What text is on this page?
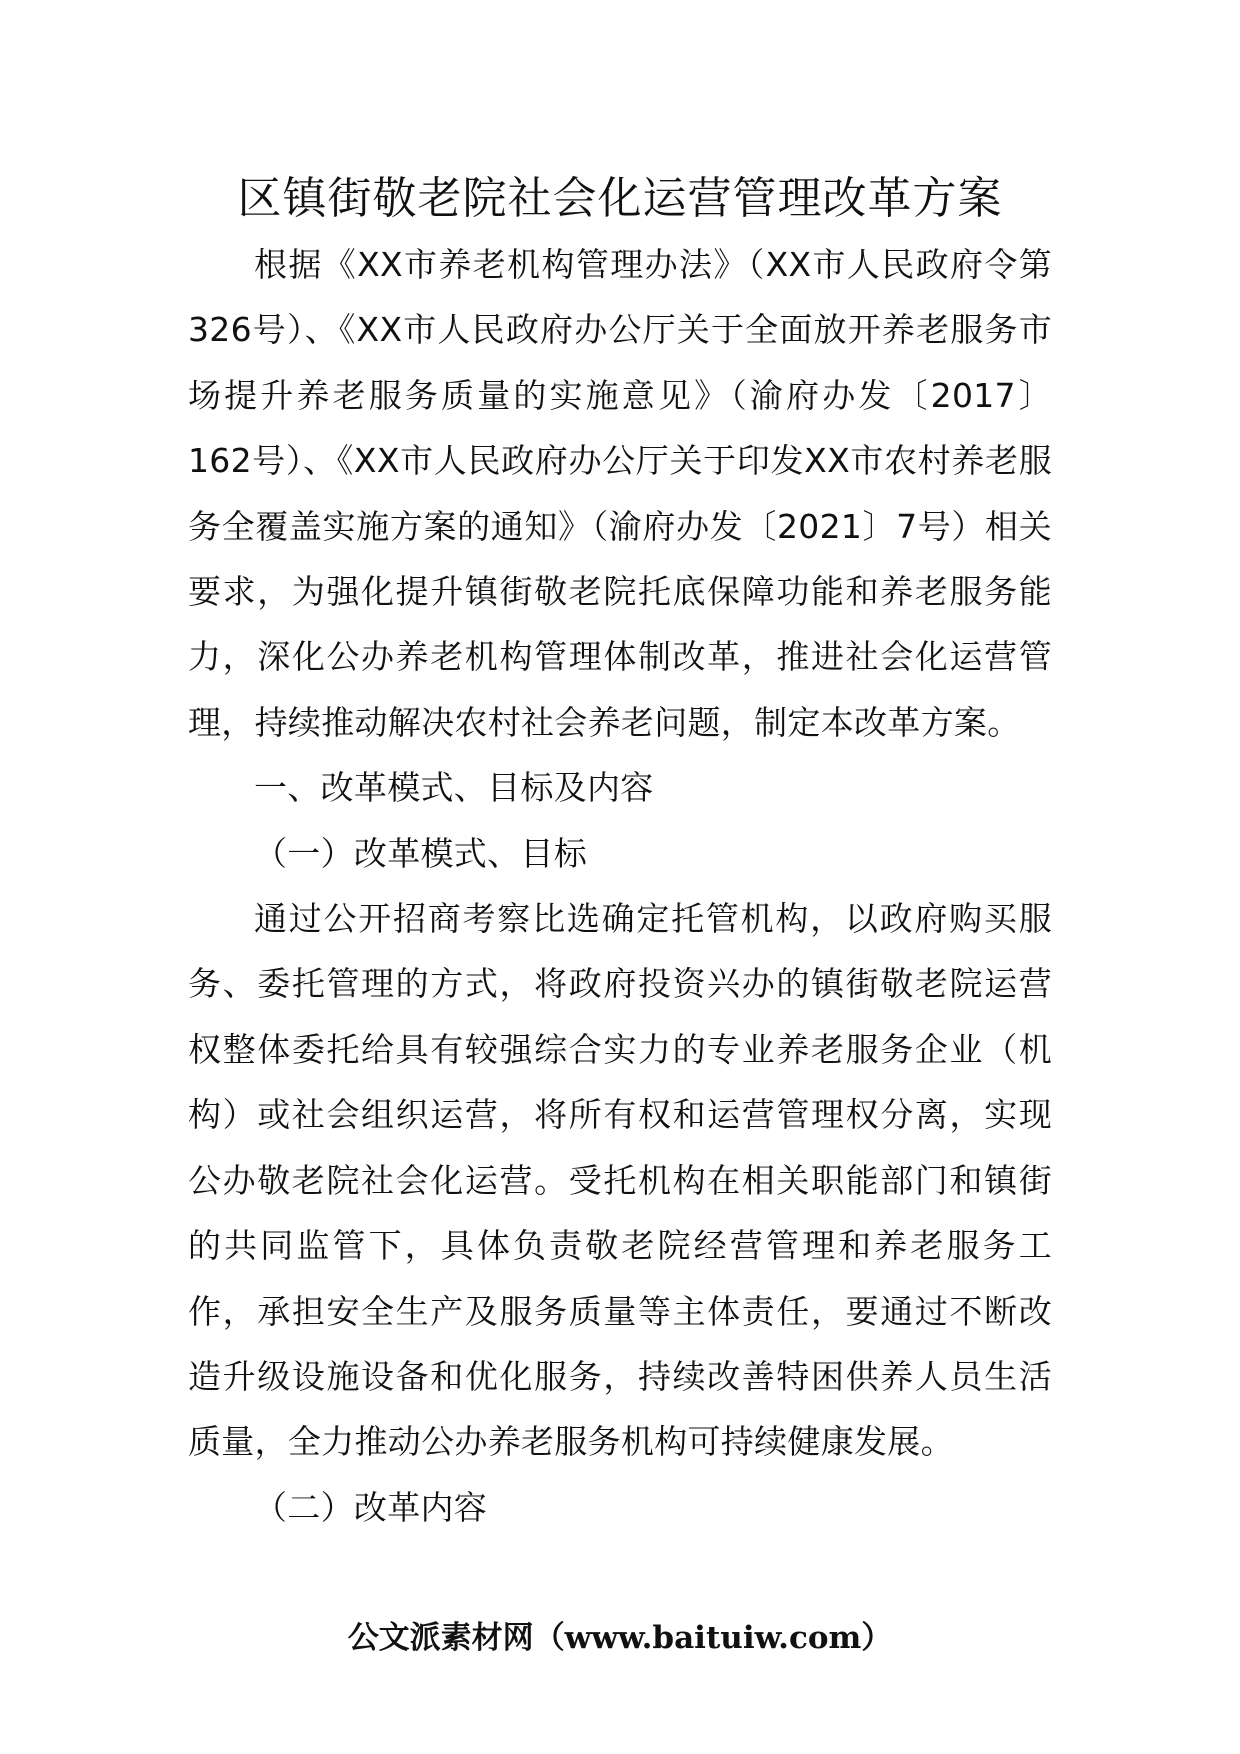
区镇街敬老院社会化运营管理改革方案

根据《XX市养老机构管理办法》（XX市人民政府令第326号）、《XX市人民政府办公厅关于全面放开养老服务市场提升养老服务质量的实施意见》（渝府办发〔2017〕162号）、《XX市人民政府办公厅关于印发XX市农村养老服务全覆盖实施方案的通知》（渝府办发〔2021〕7号）相关要求，为强化提升镇街敬老院托底保障功能和养老服务能力，深化公办养老机构管理体制改革，推进社会化运营管理，持续推动解决农村社会养老问题，制定本改革方案。

一、改革模式、目标及内容

（一）改革模式、目标

通过公开招商考察比选确定托管机构，以政府购买服务、委托管理的方式，将政府投资兴办的镇街敬老院运营权整体委托给具有较强综合实力的专业养老服务企业（机构）或社会组织运营，将所有权和运营管理权分离，实现公办敬老院社会化运营。受托机构在相关职能部门和镇街的共同监管下，具体负责敬老院经营管理和养老服务工作，承担安全生产及服务质量等主体责任，要通过不断改造升级设施设备和优化服务，持续改善特困供养人员生活质量，全力推动公办养老服务机构可持续健康发展。

（二）改革内容

公文派素材网（www.baituiw.com）
